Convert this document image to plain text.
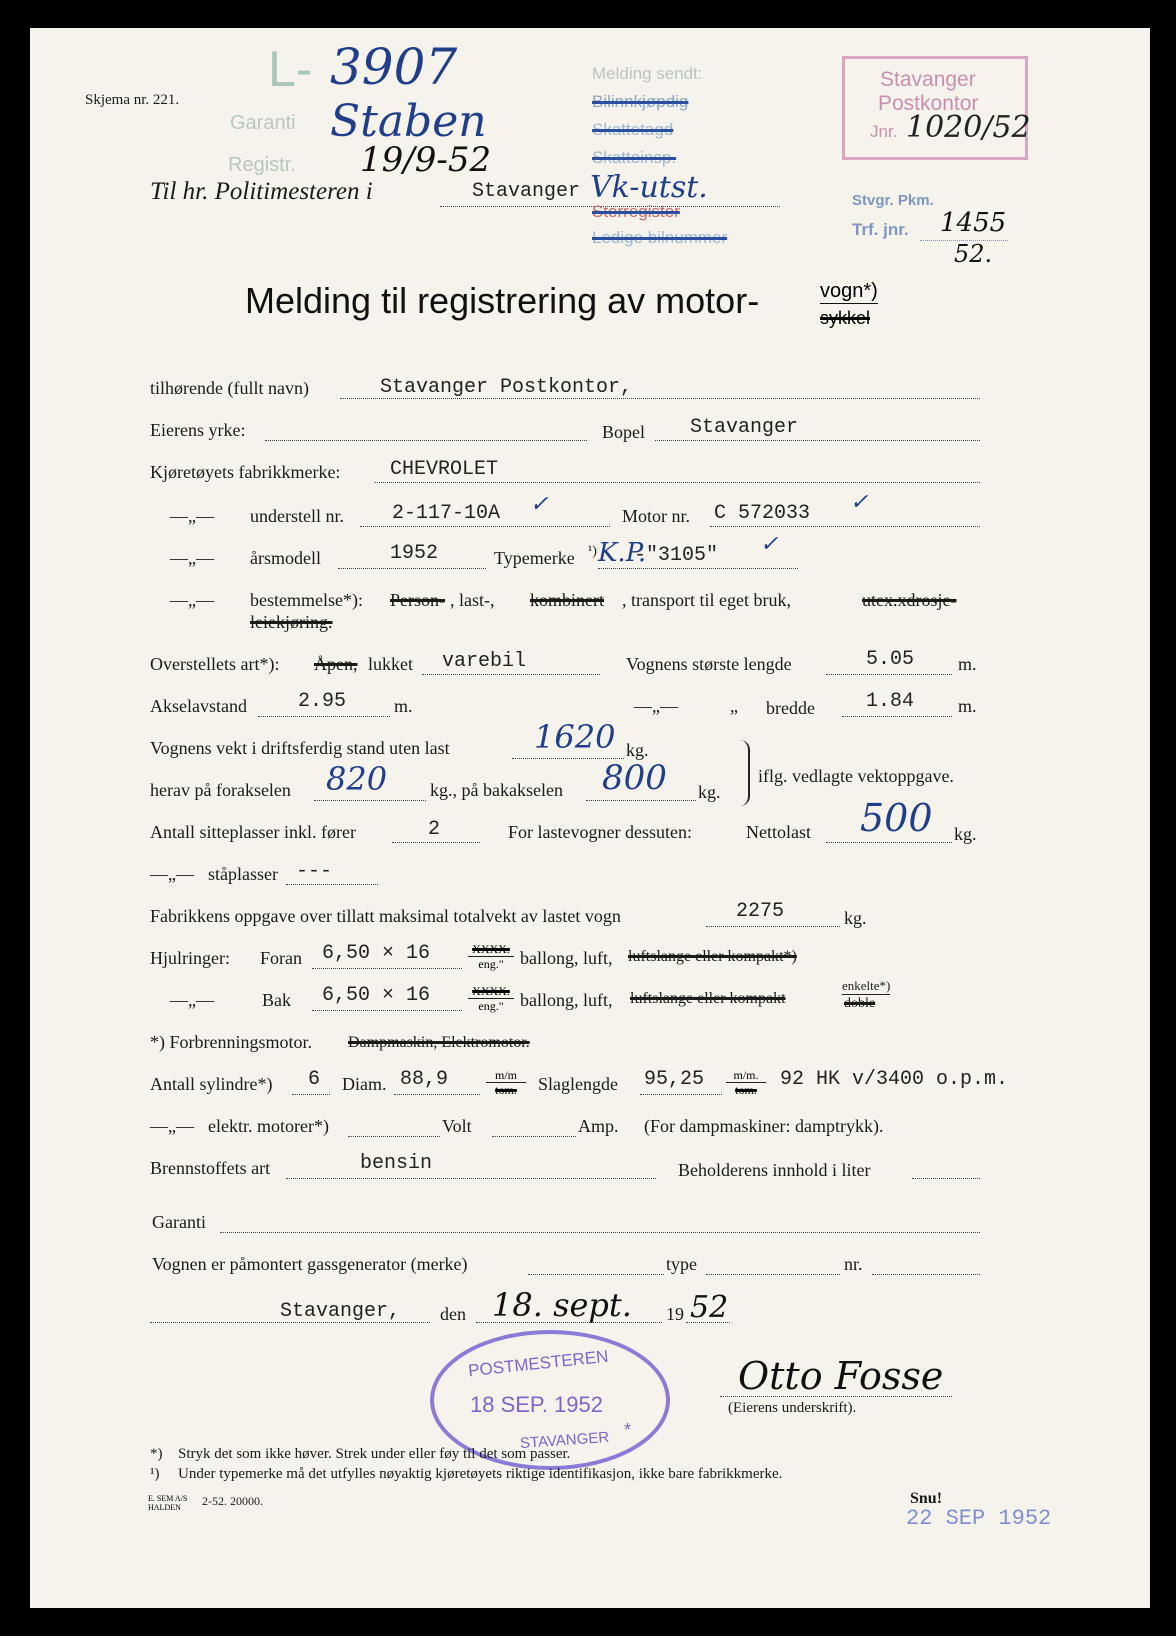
Skjema nr. 221.
L- 3907
Garanti
Registr.
Staben
19/9-52
Til hr. Politimesteren i	Stavanger Vk-utst.
Melding sendt:
Bilinnkjøpdig
Skattetagd
Skatteinsp.
Sterregister
Ledige bilnummer
Stavanger
Postkontor
Jnr. 1020/52
Stvgr. Pkm.
Trf. jnr. 1455
52.
Melding til registrering av motor-	vogn*)
sykkel
tilhørende (fullt navn)	Stavanger Postkontor,
Eierens yrke:	Bopel Stavanger
Kjøretøyets fabrikkmerke: CHEVROLET
—„— understell nr. 2-117-10A ✓	Motor nr. C 572033 ✓
—„— årsmodell	1952	Typemerke ¹) K.P.
-"3105" ✓
—„— bestemmelse*): Person- , last-, kombinert , transport til eget bruk,	utex.xdrosje-
leiekjøring.
Overstellets art*): Åpen, lukket varebil	Vognens største lengde	5.05 m.
Akselavstand	2.95	m.	—„—	„ bredde	1.84 m.
Vognens vekt i driftsferdig stand uten last	1620 kg.
herav på forakselen 820 kg., på bakakselen 800 kg.
iflg. vedlagte vektoppgave.
Antall sitteplasser inkl. fører	2	For lastevogner dessuten:	Nettolast 500 kg.
—„— ståplasser ---
Fabrikkens oppgave over tillatt maksimal totalvekt av lastet vogn	2275	kg.
Hjulringer: Foran 6,50 × 16	XXXX.
eng." ballong, luft, luftslange eller kompakt*)
—„—	Bak 6,50 × 16	XXXX.
eng." ballong, luft, luftslange eller kompakt
enkelte*)
doble
*) Forbrenningsmotor. Dampmaskin, Elektromotor.
Antall sylindre*) 6 Diam. 88,9	m/m
tom.	Slaglengde 95,25	m/m.
tom.	92 HK v/3400 o.p.m.
—„— elektr. motorer*)	Volt	Amp. (For dampmaskiner: damptrykk).
Brennstoffets art	bensin	Beholderens innhold i liter
Garanti
Vognen er påmontert gassgenerator (merke)	type	nr.
Stavanger, den 18. sept. 19 52
Otto Fosse
(Eierens underskrift).
POSTMESTEREN
18 SEP. 1952
STAVANGER *
*) Stryk det som ikke høver. Strek under eller føy til det som passer.
¹) Under typemerke må det utfylles nøyaktig kjøretøyets riktige identifikasjon, ikke bare fabrikkmerke.
E. SEM A/S
HALDEN	2-52. 20000.	Snu!
22 SEP 1952
